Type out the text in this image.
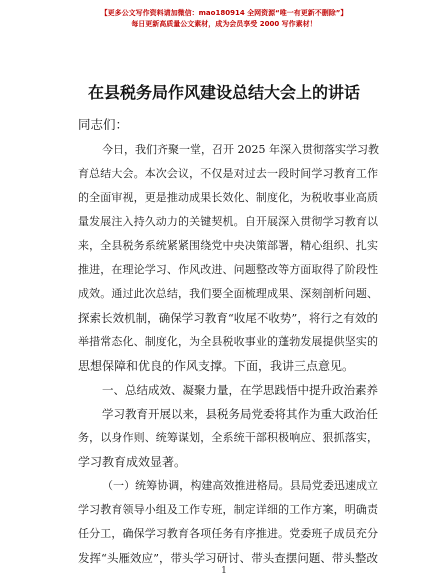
【更多公文写作资料请加微信：mao180914 全网资源“唯一有更新不删除”】
每日更新高质量公文素材，成为会员享受 2000 写作素材！
在县税务局作风建设总结大会上的讲话
同志们：
今日，我们齐聚一堂，召开 2025 年深入贯彻落实学习教
育总结大会。本次会议，不仅是对过去一段时间学习教育工作
的全面审视，更是推动成果长效化、制度化，为税收事业高质
量发展注入持久动力的关键契机。自开展深入贯彻学习教育以
来，全县税务系统紧紧围绕党中央决策部署，精心组织、扎实
推进，在理论学习、作风改进、问题整改等方面取得了阶段性
成效。通过此次总结，我们要全面梳理成果、深刻剖析问题、
探索长效机制，确保学习教育“收尾不收势”，将行之有效的
举措常态化、制度化，为全县税收事业的蓬勃发展提供坚实的
思想保障和优良的作风支撑。下面，我讲三点意见。
一、总结成效、凝聚力量，在学思践悟中提升政治素养
学习教育开展以来，县税务局党委将其作为重大政治任
务，以身作则、统筹谋划，全系统干部积极响应、狠抓落实，
学习教育成效显著。
（一）统筹协调，构建高效推进格局。县局党委迅速成立
学习教育领导小组及工作专班，制定详细的工作方案，明确责
任分工，确保学习教育各项任务有序推进。党委班子成员充分
发挥“头雁效应”，带头学习研讨、带头查摆问题、带头整改
1
